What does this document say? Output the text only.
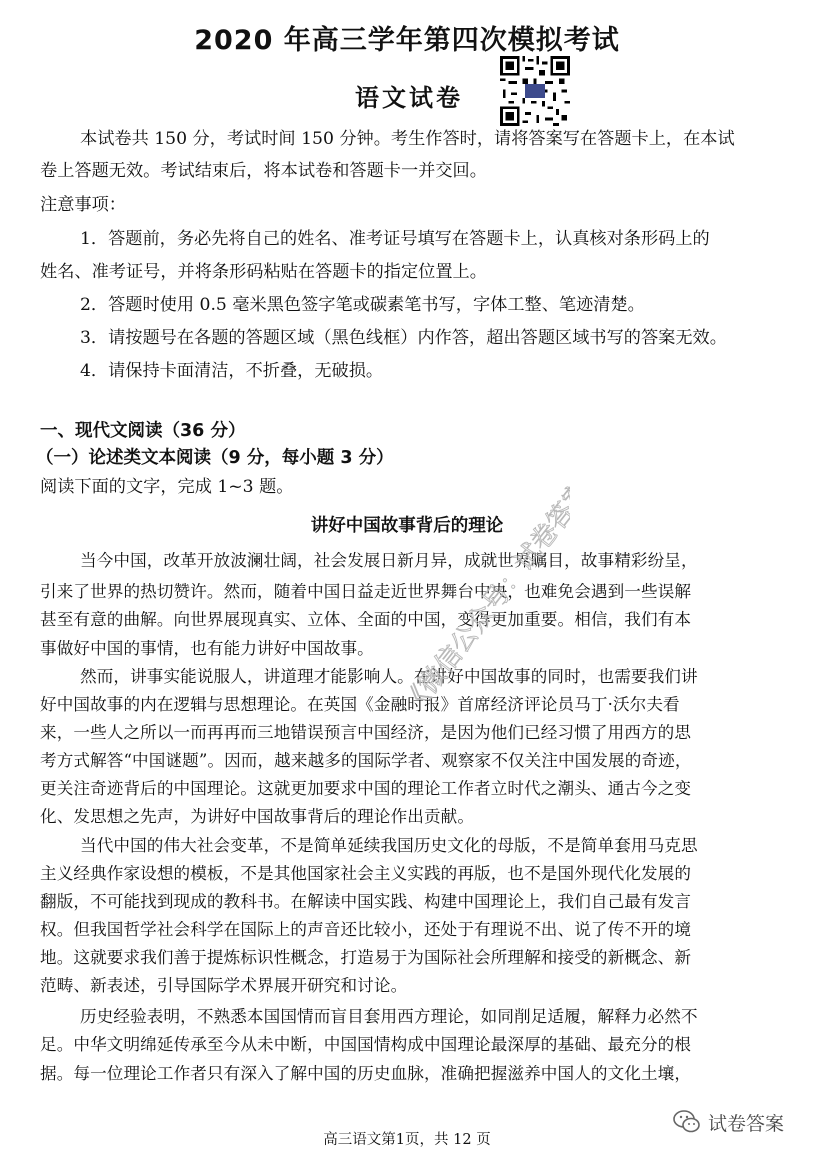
2020 年高三学年第四次模拟考试
语文试卷
本试卷共 150 分，考试时间 150 分钟。考生作答时，请将答案写在答题卡上，在本试
卷上答题无效。考试结束后，将本试卷和答题卡一并交回。
注意事项：
1．答题前，务必先将自己的姓名、准考证号填写在答题卡上，认真核对条形码上的
姓名、准考证号，并将条形码粘贴在答题卡的指定位置上。
2．答题时使用 0.5 毫米黑色签字笔或碳素笔书写，字体工整、笔迹清楚。
3．请按题号在各题的答题区域（黑色线框）内作答，超出答题区域书写的答案无效。
4．请保持卡面清洁，不折叠，无破损。
一、现代文阅读（36 分）
（一）论述类文本阅读（9 分，每小题 3 分）
阅读下面的文字，完成 1~3 题。
讲好中国故事背后的理论
当今中国，改革开放波澜壮阔，社会发展日新月异，成就世界瞩目，故事精彩纷呈，
引来了世界的热切赞许。然而，随着中国日益走近世界舞台中央，也难免会遇到一些误解
甚至有意的曲解。向世界展现真实、立体、全面的中国，变得更加重要。相信，我们有本
事做好中国的事情，也有能力讲好中国故事。
然而，讲事实能说服人，讲道理才能影响人。在讲好中国故事的同时，也需要我们讲
好中国故事的内在逻辑与思想理论。在英国《金融时报》首席经济评论员马丁·沃尔夫看
来，一些人之所以一而再再而三地错误预言中国经济，是因为他们已经习惯了用西方的思
考方式解答“中国谜题”。因而，越来越多的国际学者、观察家不仅关注中国发展的奇迹，
更关注奇迹背后的中国理论。这就更加要求中国的理论工作者立时代之潮头、通古今之变
化、发思想之先声，为讲好中国故事背后的理论作出贡献。
当代中国的伟大社会变革，不是简单延续我国历史文化的母版，不是简单套用马克思
主义经典作家设想的模板，不是其他国家社会主义实践的再版，也不是国外现代化发展的
翻版，不可能找到现成的教科书。在解读中国实践、构建中国理论上，我们自己最有发言
权。但我国哲学社会科学在国际上的声音还比较小，还处于有理说不出、说了传不开的境
地。这就要求我们善于提炼标识性概念，打造易于为国际社会所理解和接受的新概念、新
范畴、新表述，引导国际学术界展开研究和讨论。
历史经验表明，不熟悉本国国情而盲目套用西方理论，如同削足适履，解释力必然不
足。中华文明绵延传承至今从未中断，中国国情构成中国理论最深厚的基础、最充分的根
据。每一位理论工作者只有深入了解中国的历史血脉，准确把握滋养中国人的文化土壤，
《微信公众号：试卷答案》
试卷答案
高三语文第1页，共 12 页
